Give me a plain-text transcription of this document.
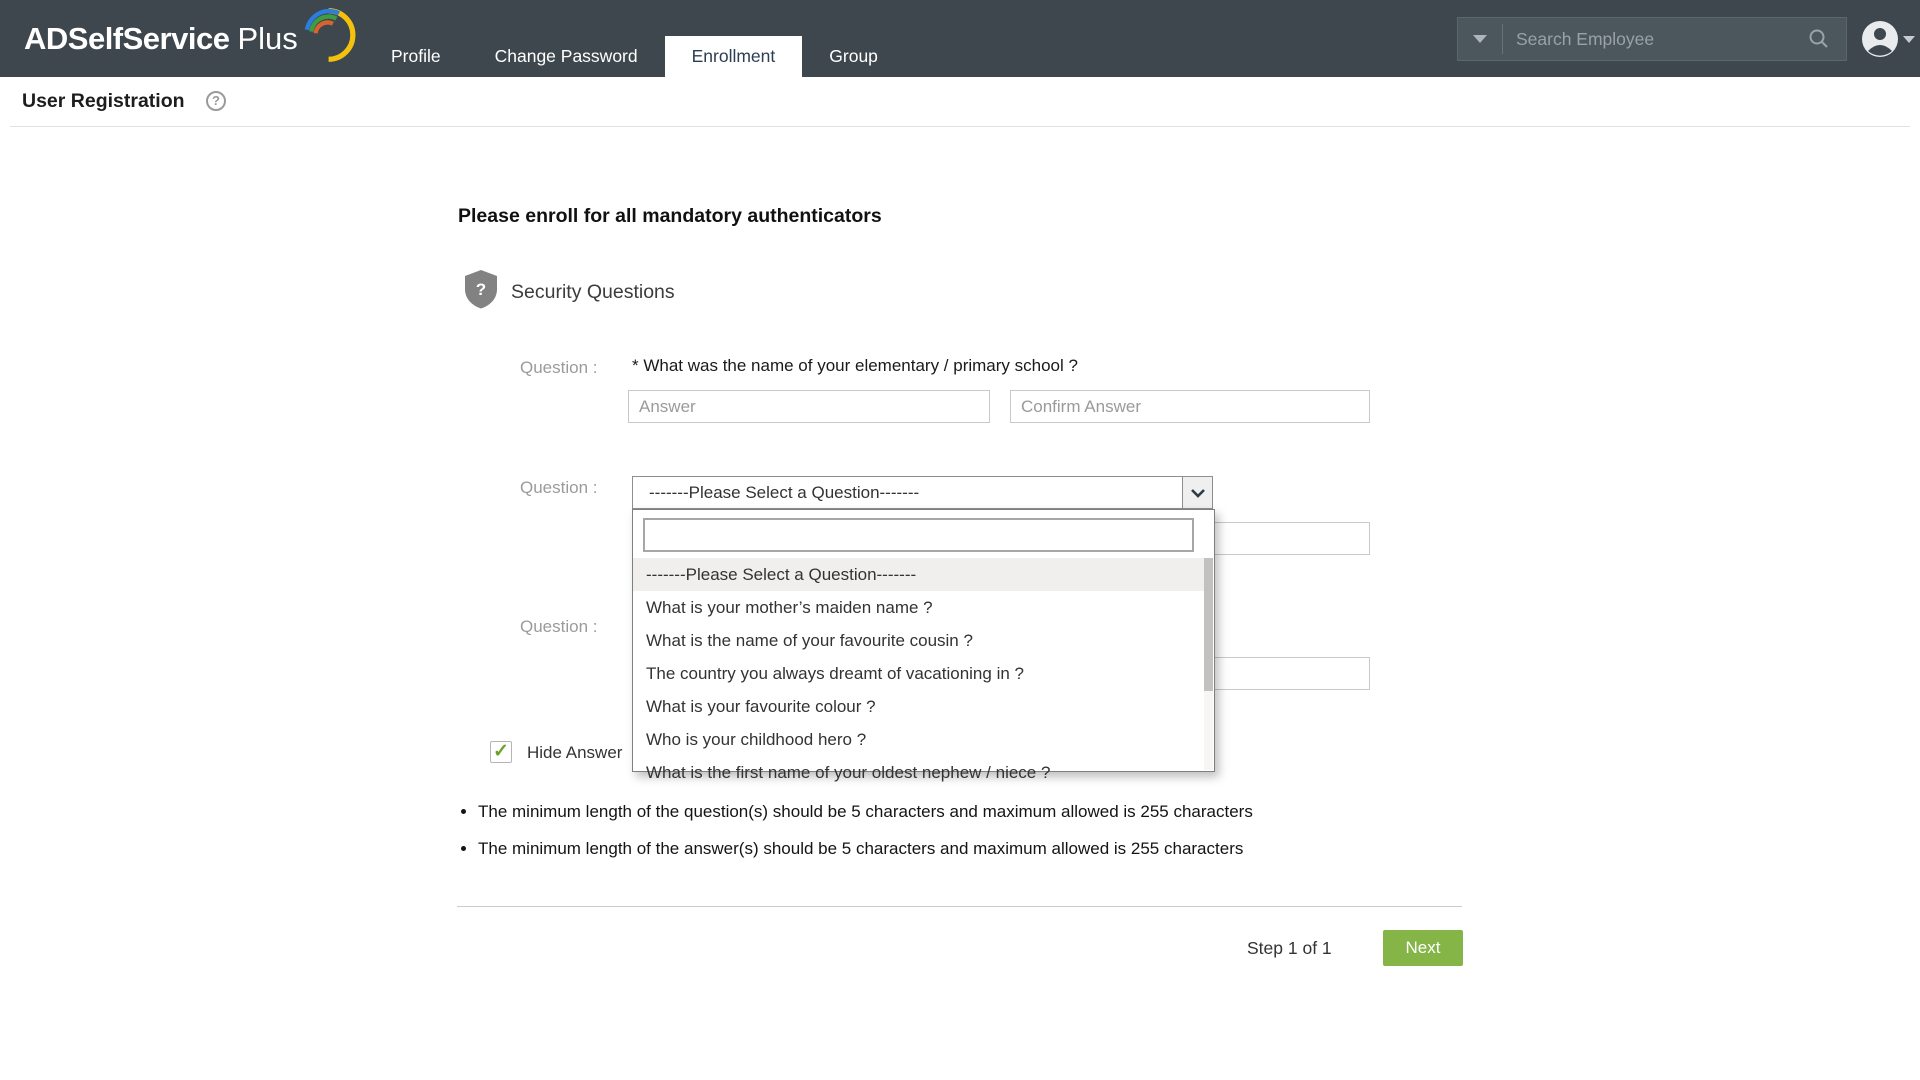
ADSelfService Plus
Profile	Change Password	Enrollment	Group
Search Employee
User Registration	?
Please enroll for all mandatory authenticators
? Security Questions
Question :	* What was the name of your elementary / primary school ?
Answer
Confirm Answer
Question :	-------Please Select a Question-------
Question :
✓ Hide Answer
-------Please Select a Question-------
What is your mother’s maiden name ?
What is the name of your favourite cousin ?
The country you always dreamt of vacationing in ?
What is your favourite colour ?
Who is your childhood hero ?
What is the first name of your oldest nephew / niece ?
• The minimum length of the question(s) should be 5 characters and maximum allowed is 255 characters
• The minimum length of the answer(s) should be 5 characters and maximum allowed is 255 characters
Step 1 of 1	Next
